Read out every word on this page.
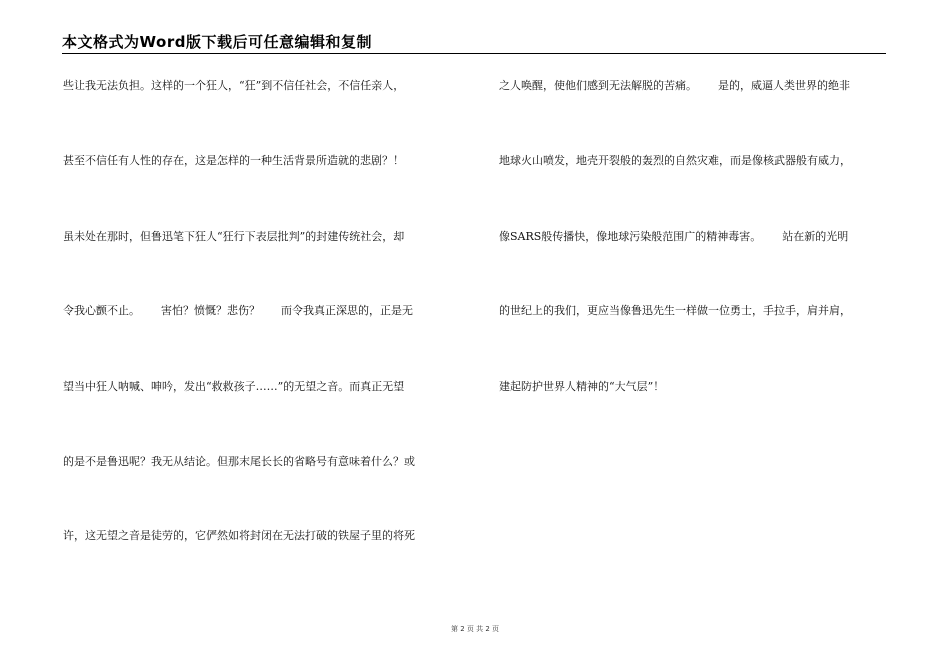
本文格式为Word版下载后可任意编辑和复制
些让我无法负担。这样的一个狂人，“狂”到不信任社会，不信任亲人，
甚至不信任有人性的存在，这是怎样的一种生活背景所造就的悲剧？！
虽未处在那时，但鲁迅笔下狂人“狂行下表层批判”的封建传统社会，却
令我心颤不止。      害怕？愤慨？悲伤？      而令我真正深思的，正是无
望当中狂人呐喊、呻吟，发出“救救孩子……”的无望之音。而真正无望
的是不是鲁迅呢？我无从结论。但那末尾长长的省略号有意味着什么？或
许，这无望之音是徒劳的，它俨然如将封闭在无法打破的铁屋子里的将死
之人唤醒，使他们感到无法解脱的苦痛。      是的，威逼人类世界的绝非
地球火山喷发，地壳开裂般的轰烈的自然灾难，而是像核武器般有威力，
像SARS般传播快，像地球污染般范围广的精神毒害。      站在新的光明
的世纪上的我们，更应当像鲁迅先生一样做一位勇士，手拉手，肩并肩，
建起防护世界人精神的“大气层”！
第 2 页 共 2 页
